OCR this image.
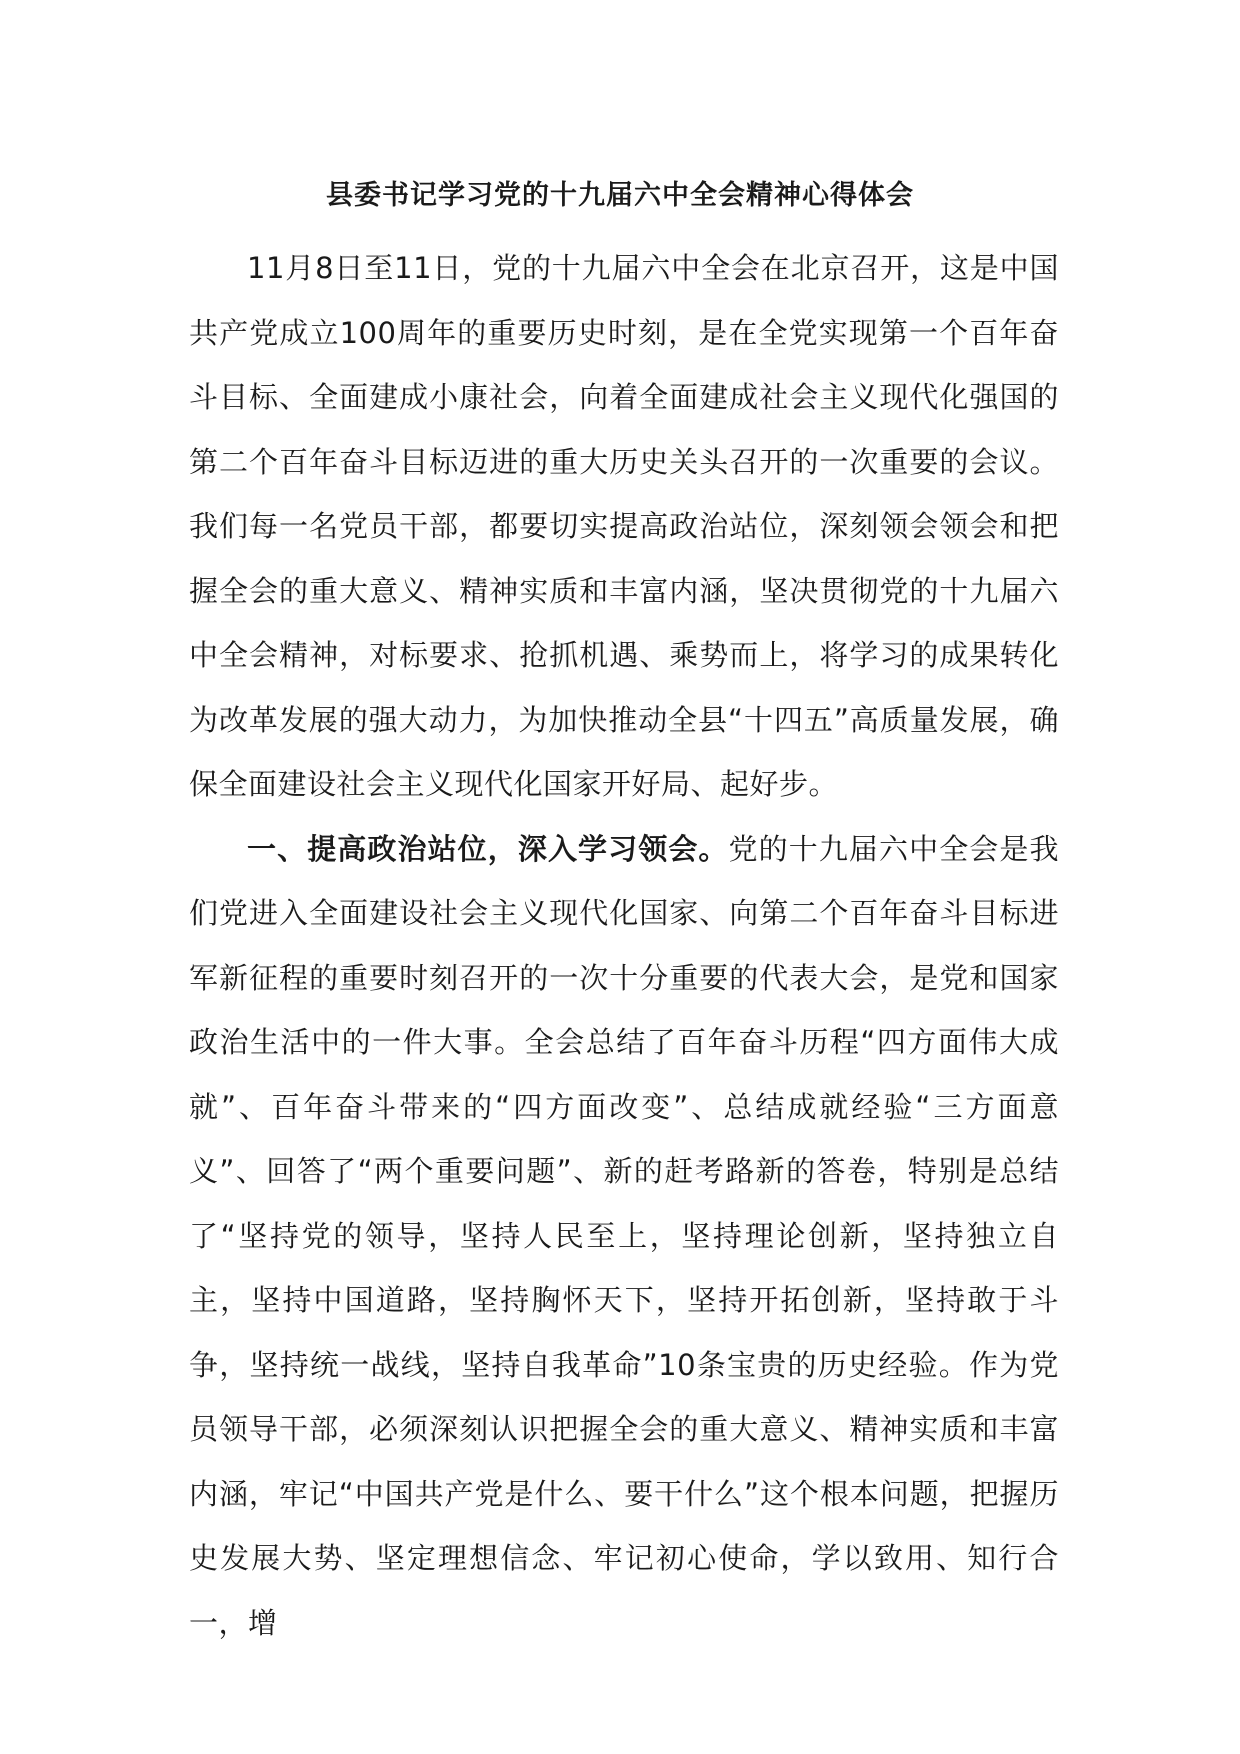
县委书记学习党的十九届六中全会精神心得体会

11月8日至11日，党的十九届六中全会在北京召开，这是中国共产党成立100周年的重要历史时刻，是在全党实现第一个百年奋斗目标、全面建成小康社会，向着全面建成社会主义现代化强国的第二个百年奋斗目标迈进的重大历史关头召开的一次重要的会议。我们每一名党员干部，都要切实提高政治站位，深刻领会领会和把握全会的重大意义、精神实质和丰富内涵，坚决贯彻党的十九届六中全会精神，对标要求、抢抓机遇、乘势而上，将学习的成果转化为改革发展的强大动力，为加快推动全县“十四五”高质量发展，确保全面建设社会主义现代化国家开好局、起好步。

一、提高政治站位，深入学习领会。党的十九届六中全会是我们党进入全面建设社会主义现代化国家、向第二个百年奋斗目标进军新征程的重要时刻召开的一次十分重要的代表大会，是党和国家政治生活中的一件大事。全会总结了百年奋斗历程“四方面伟大成就”、百年奋斗带来的“四方面改变”、总结成就经验“三方面意义”、回答了“两个重要问题”、新的赶考路新的答卷，特别是总结了“坚持党的领导，坚持人民至上，坚持理论创新，坚持独立自主，坚持中国道路，坚持胸怀天下，坚持开拓创新，坚持敢于斗争，坚持统一战线，坚持自我革命”10条宝贵的历史经验。作为党员领导干部，必须深刻认识把握全会的重大意义、精神实质和丰富内涵，牢记“中国共产党是什么、要干什么”这个根本问题，把握历史发展大势、坚定理想信念、牢记初心使命，学以致用、知行合一，增
